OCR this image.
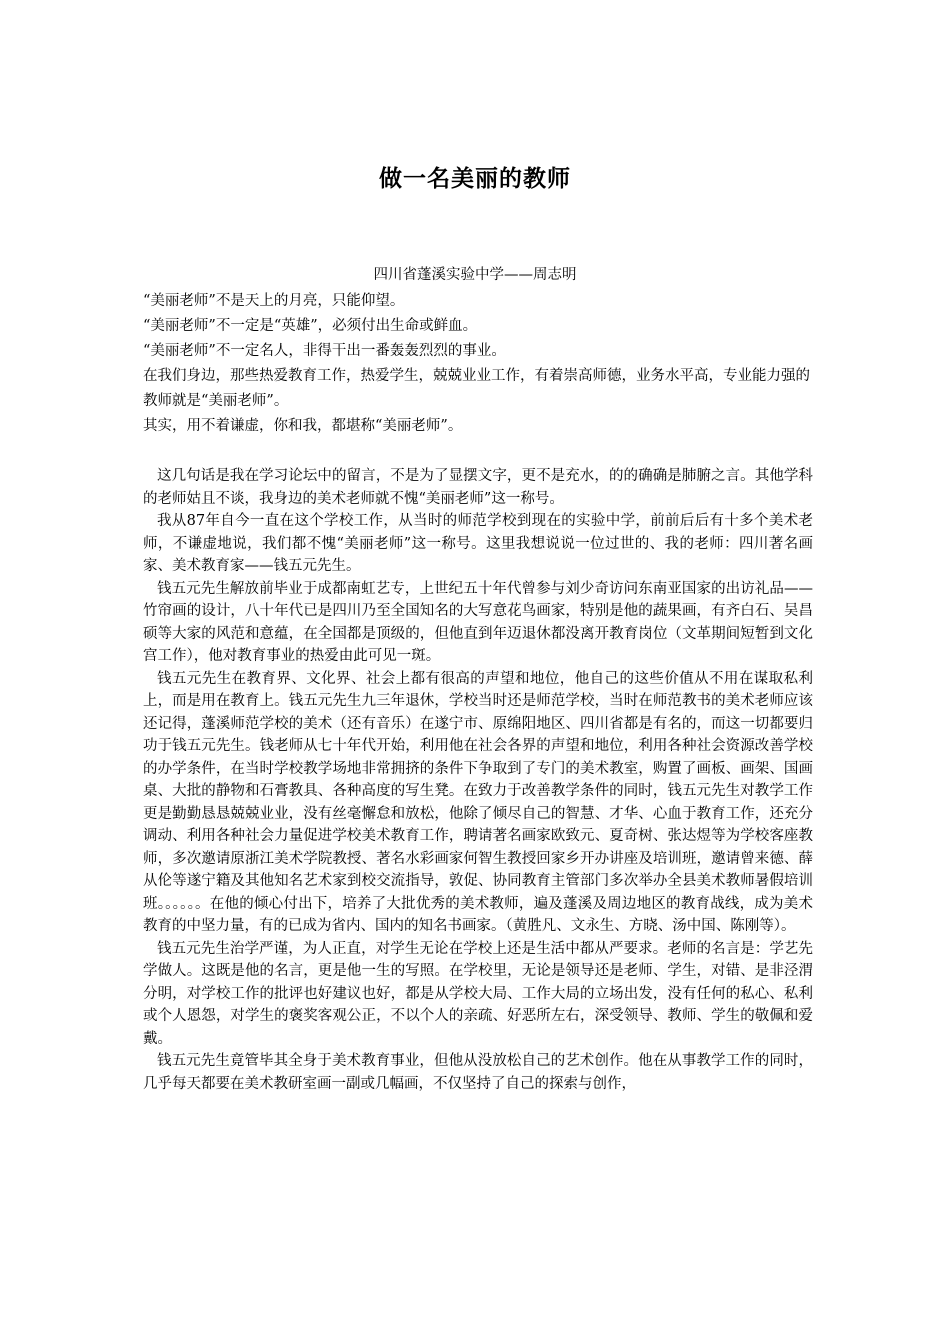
做一名美丽的教师
四川省蓬溪实验中学——周志明

“美丽老师”不是天上的月亮，只能仰望。

“美丽老师”不一定是“英雄”，必须付出生命或鲜血。

“美丽老师”不一定名人，非得干出一番轰轰烈烈的事业。

在我们身边，那些热爱教育工作，热爱学生，兢兢业业工作，有着崇高师德，业务水平高，专业能力强的教师就是“美丽老师”。

其实，用不着谦虚，你和我，都堪称“美丽老师”。

这几句话是我在学习论坛中的留言，不是为了显摆文字，更不是充水，的的确确是肺腑之言。其他学科的老师姑且不谈，我身边的美术老师就不愧“美丽老师”这一称号。

我从87年自今一直在这个学校工作，从当时的师范学校到现在的实验中学，前前后后有十多个美术老师，不谦虚地说，我们都不愧“美丽老师”这一称号。这里我想说说一位过世的、我的老师：四川著名画家、美术教育家——钱五元先生。

钱五元先生解放前毕业于成都南虹艺专，上世纪五十年代曾参与刘少奇访问东南亚国家的出访礼品——竹帘画的设计，八十年代已是四川乃至全国知名的大写意花鸟画家，特别是他的蔬果画，有齐白石、吴昌硕等大家的风范和意蕴，在全国都是顶级的，但他直到年迈退休都没离开教育岗位（文革期间短暂到文化宫工作），他对教育事业的热爱由此可见一斑。

钱五元先生在教育界、文化界、社会上都有很高的声望和地位，他自己的这些价值从不用在谋取私利上，而是用在教育上。钱五元先生九三年退休，学校当时还是师范学校，当时在师范教书的美术老师应该还记得，蓬溪师范学校的美术（还有音乐）在遂宁市、原绵阳地区、四川省都是有名的，而这一切都要归功于钱五元先生。钱老师从七十年代开始，利用他在社会各界的声望和地位，利用各种社会资源改善学校的办学条件，在当时学校教学场地非常拥挤的条件下争取到了专门的美术教室，购置了画板、画架、国画桌、大批的静物和石膏教具、各种高度的写生凳。在致力于改善教学条件的同时，钱五元先生对教学工作更是勤勤恳恳兢兢业业，没有丝毫懈怠和放松，他除了倾尽自己的智慧、才华、心血于教育工作，还充分调动、利用各种社会力量促进学校美术教育工作，聘请著名画家欧致元、夏奇树、张达煜等为学校客座教师，多次邀请原浙江美术学院教授、著名水彩画家何智生教授回家乡开办讲座及培训班，邀请曾来德、薛从伦等遂宁籍及其他知名艺术家到校交流指导，敦促、协同教育主管部门多次举办全县美术教师暑假培训班。。。。。。在他的倾心付出下，培养了大批优秀的美术教师，遍及蓬溪及周边地区的教育战线，成为美术教育的中坚力量，有的已成为省内、国内的知名书画家。（黄胜凡、文永生、方晓、汤中国、陈刚等）。

钱五元先生治学严谨，为人正直，对学生无论在学校上还是生活中都从严要求。老师的名言是：学艺先学做人。这既是他的名言，更是他一生的写照。在学校里，无论是领导还是老师、学生，对错、是非泾渭分明，对学校工作的批评也好建议也好，都是从学校大局、工作大局的立场出发，没有任何的私心、私利或个人恩怨，对学生的褒奖客观公正，不以个人的亲疏、好恶所左右，深受领导、教师、学生的敬佩和爱戴。

钱五元先生竟管毕其全身于美术教育事业，但他从没放松自己的艺术创作。他在从事教学工作的同时，几乎每天都要在美术教研室画一副或几幅画，不仅坚持了自己的探索与创作，
